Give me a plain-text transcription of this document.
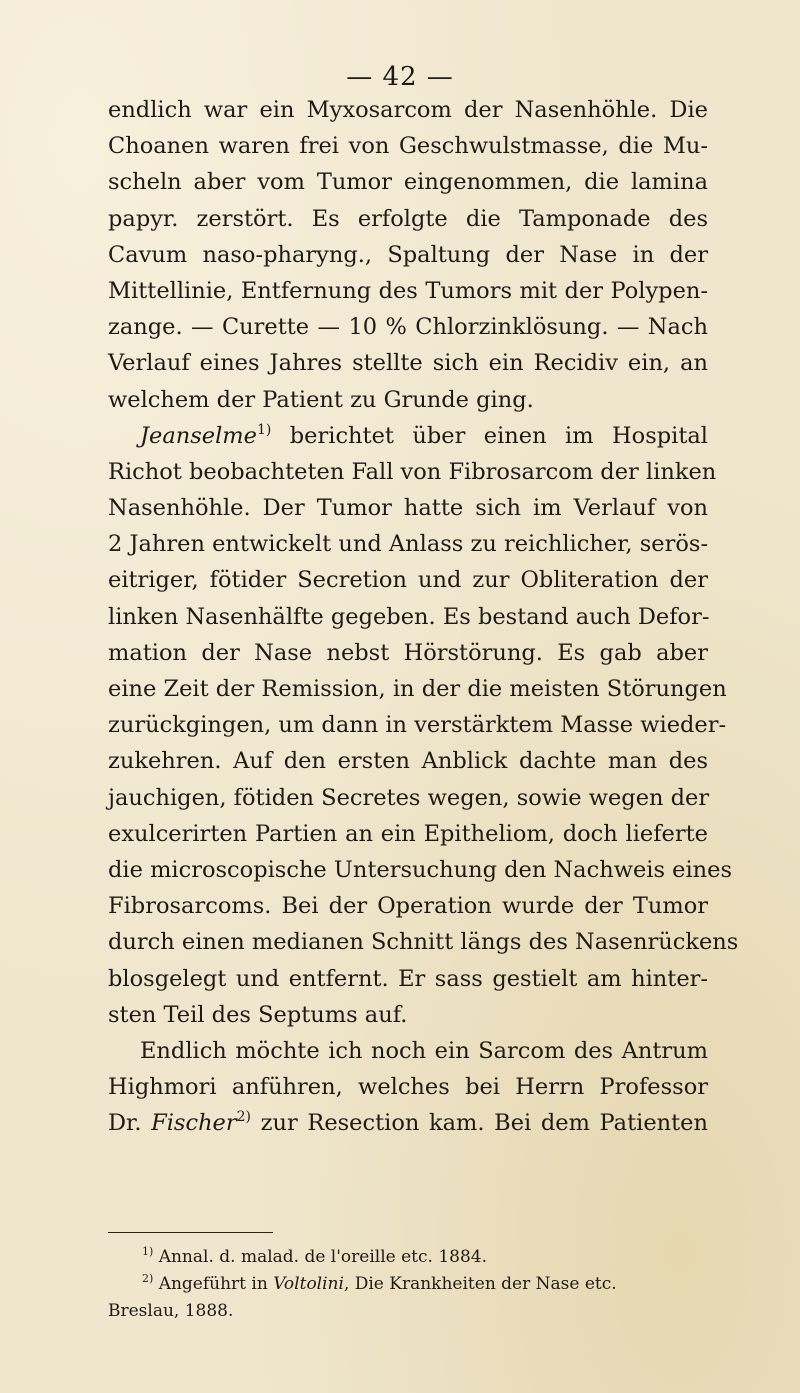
— 42 —
endlich war ein Myxosarcom der Nasenhöhle. Die
Choanen waren frei von Geschwulstmasse, die Mu-
scheln aber vom Tumor eingenommen, die lamina
papyr. zerstört. Es erfolgte die Tamponade des
Cavum naso-pharyng., Spaltung der Nase in der
Mittellinie, Entfernung des Tumors mit der Polypen-
zange. — Curette — 10 % Chlorzinklösung. — Nach
Verlauf eines Jahres stellte sich ein Recidiv ein, an
welchem der Patient zu Grunde ging.
Jeanselme$^{1)}$ berichtet über einen im Hospital
Richot beobachteten Fall von Fibrosarcom der linken
Nasenhöhle. Der Tumor hatte sich im Verlauf von
2 Jahren entwickelt und Anlass zu reichlicher, serös-
eitriger, fötider Secretion und zur Obliteration der
linken Nasenhälfte gegeben. Es bestand auch Defor-
mation der Nase nebst Hörstörung. Es gab aber
eine Zeit der Remission, in der die meisten Störungen
zurückgingen, um dann in verstärktem Masse wieder-
zukehren. Auf den ersten Anblick dachte man des
jauchigen, fötiden Secretes wegen, sowie wegen der
exulcerirten Partien an ein Epitheliom, doch lieferte
die microscopische Untersuchung den Nachweis eines
Fibrosarcoms. Bei der Operation wurde der Tumor
durch einen medianen Schnitt längs des Nasenrückens
blosgelegt und entfernt. Er sass gestielt am hinter-
sten Teil des Septums auf.
Endlich möchte ich noch ein Sarcom des Antrum
Highmori anführen, welches bei Herrn Professor
Dr. Fischer$^{2)}$ zur Resection kam. Bei dem Patienten
$^{1)}$ Annal. d. malad. de l'oreille etc. 1884.
$^{2)}$ Angeführt in Voltolini, Die Krankheiten der Nase etc.
Breslau, 1888.
